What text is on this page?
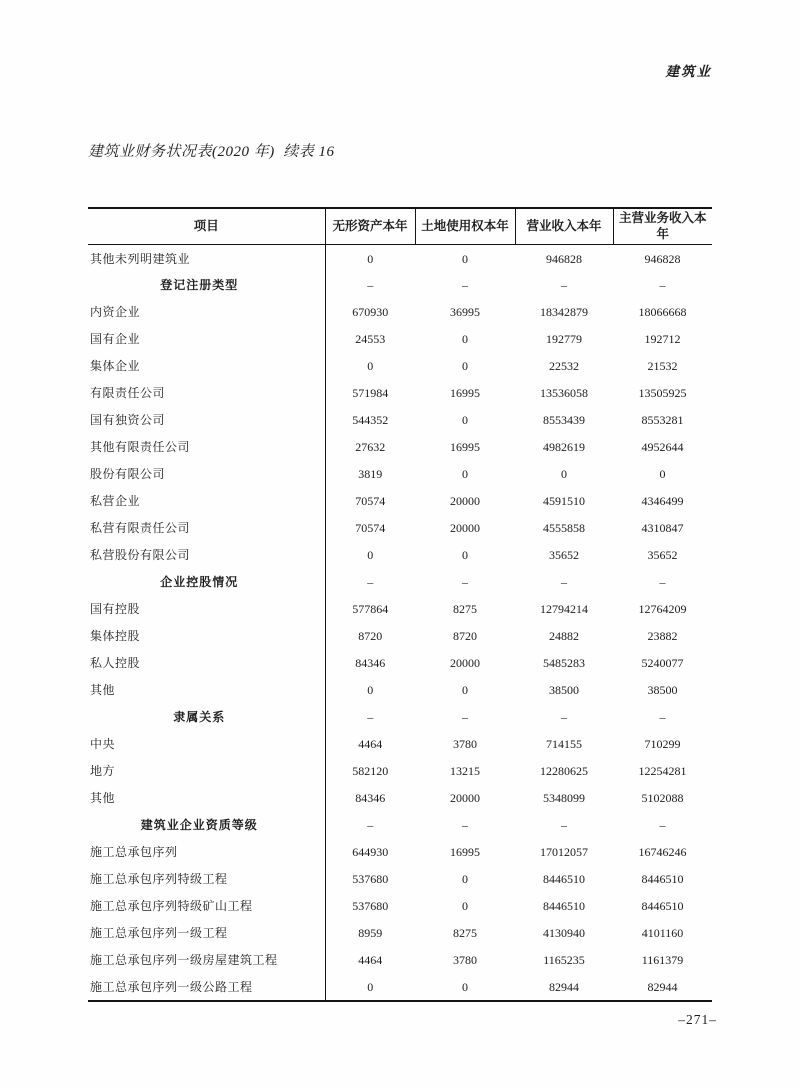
建筑业
建筑业财务状况表(2020 年)  续表 16
项目	无形资产本年	土地使用权本年	营业收入本年	主营业务收入本年
其他未列明建筑业	0	0	946828	946828
登记注册类型	–	–	–	–
内资企业	670930	36995	18342879	18066668
国有企业	24553	0	192779	192712
集体企业	0	0	22532	21532
有限责任公司	571984	16995	13536058	13505925
国有独资公司	544352	0	8553439	8553281
其他有限责任公司	27632	16995	4982619	4952644
股份有限公司	3819	0	0	0
私营企业	70574	20000	4591510	4346499
私营有限责任公司	70574	20000	4555858	4310847
私营股份有限公司	0	0	35652	35652
企业控股情况	–	–	–	–
国有控股	577864	8275	12794214	12764209
集体控股	8720	8720	24882	23882
私人控股	84346	20000	5485283	5240077
其他	0	0	38500	38500
隶属关系	–	–	–	–
中央	4464	3780	714155	710299
地方	582120	13215	12280625	12254281
其他	84346	20000	5348099	5102088
建筑业企业资质等级	–	–	–	–
施工总承包序列	644930	16995	17012057	16746246
施工总承包序列特级工程	537680	0	8446510	8446510
施工总承包序列特级矿山工程	537680	0	8446510	8446510
施工总承包序列一级工程	8959	8275	4130940	4101160
施工总承包序列一级房屋建筑工程	4464	3780	1165235	1161379
施工总承包序列一级公路工程	0	0	82944	82944
–271–
